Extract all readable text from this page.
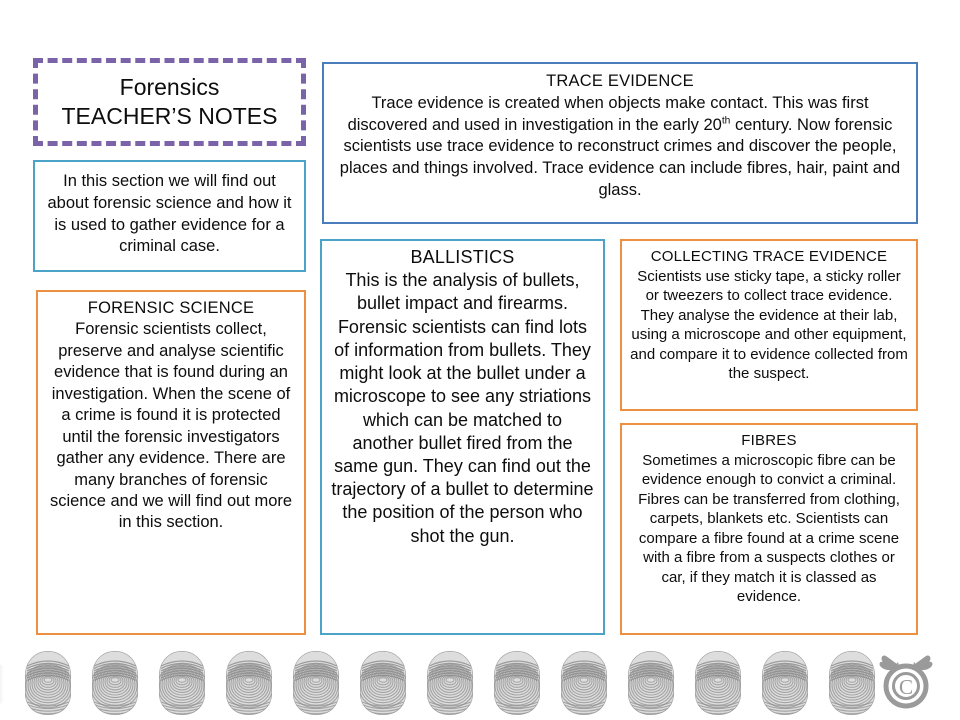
Forensics
TEACHER’S NOTES
In this section we will find out about forensic science and how it is used to gather evidence for a criminal case.
FORENSIC SCIENCE
Forensic scientists collect, preserve and analyse scientific evidence that is found during an investigation. When the scene of a crime is found it is protected until the forensic investigators gather any evidence. There are many branches of forensic science and we will find out more in this section.
TRACE EVIDENCE
Trace evidence is created when objects make contact. This was first discovered and used in investigation in the early 20th century. Now forensic scientists use trace evidence to reconstruct crimes and discover the people, places and things involved. Trace evidence can include fibres, hair, paint and glass.
BALLISTICS
This is the analysis of bullets, bullet impact and firearms. Forensic scientists can find lots of information from bullets. They might look at the bullet under a microscope to see any striations which can be matched to another bullet fired from the same gun. They can find out the trajectory of a bullet to determine the position of the person who shot the gun.
COLLECTING TRACE EVIDENCE
Scientists use sticky tape, a sticky roller or tweezers to collect trace evidence. They analyse the evidence at their lab, using a microscope and other equipment, and compare it to evidence collected from the suspect.
FIBRES
Sometimes a microscopic fibre can be evidence enough to convict a criminal. Fibres can be transferred from clothing, carpets, blankets etc. Scientists can compare a fibre found at a crime scene with a fibre from a suspects clothes or car, if they match it is classed as evidence.
C
